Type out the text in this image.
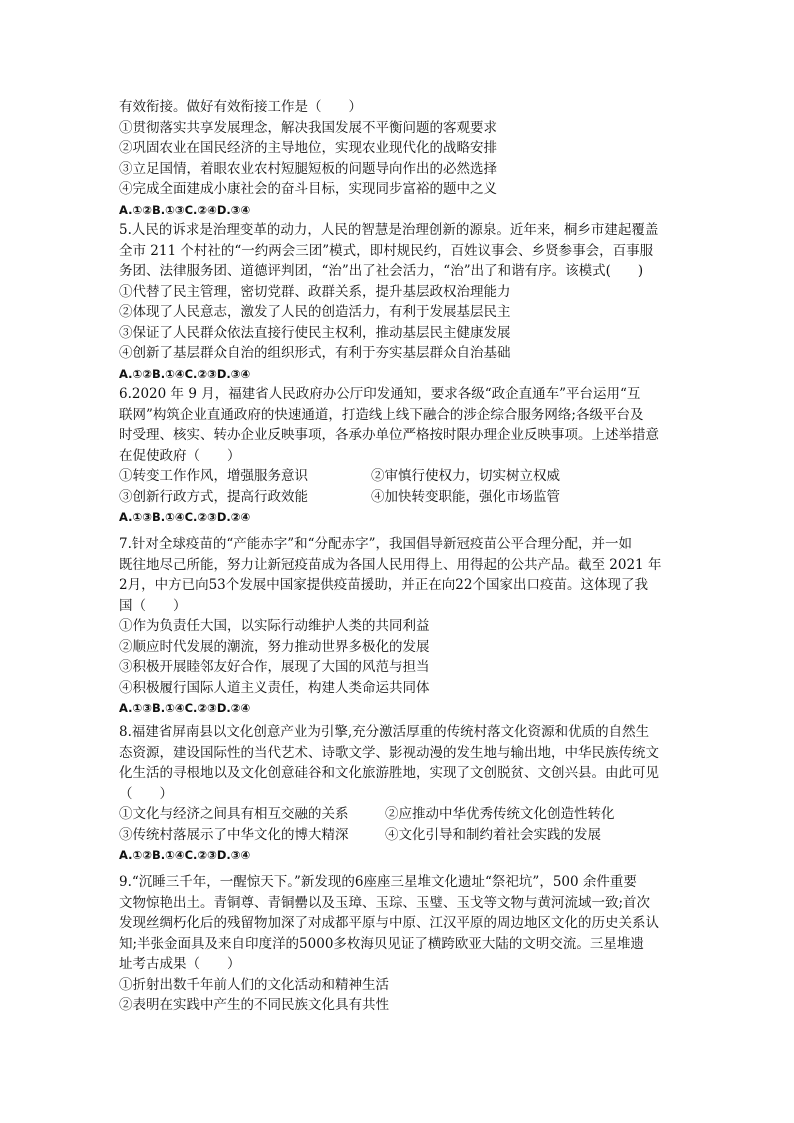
有效衔接。做好有效衔接工作是（　　）
①贯彻落实共享发展理念，解决我国发展不平衡问题的客观要求
②巩固农业在国民经济的主导地位，实现农业现代化的战略安排
③立足国情，着眼农业农村短腿短板的问题导向作出的必然选择
④完成全面建成小康社会的奋斗目标，实现同步富裕的题中之义
A.①②B.①③C.②④D.③④
5.人民的诉求是治理变革的动力，人民的智慧是治理创新的源泉。近年来，桐乡市建起覆盖
全市 211 个村社的“一约两会三团”模式，即村规民约，百姓议事会、乡贤参事会，百事服
务团、法律服务团、道德评判团，“治”出了社会活力，“治”出了和谐有序。该模式(　　)
①代替了民主管理，密切党群、政群关系，提升基层政权治理能力
②体现了人民意志，激发了人民的创造活力，有利于发展基层民主
③保证了人民群众依法直接行使民主权利，推动基层民主健康发展
④创新了基层群众自治的组织形式，有利于夯实基层群众自治基础
A.①②B.①④C.②③D.③④
6.2020 年 9 月，福建省人民政府办公厅印发通知，要求各级“政企直通车”平台运用“互
联网”构筑企业直通政府的快速通道，打造线上线下融合的涉企综合服务网络;各级平台及
时受理、核实、转办企业反映事项，各承办单位严格按时限办理企业反映事项。上述举措意
在促使政府（　　）
①转变工作作风，增强服务意识	②审慎行使权力，切实树立权威
③创新行政方式，提高行政效能	④加快转变职能，强化市场监管
A.①③B.①④C.②③D.②④
7.针对全球疫苗的“产能赤字”和“分配赤字”，我国倡导新冠疫苗公平合理分配，并一如
既往地尽己所能，努力让新冠疫苗成为各国人民用得上、用得起的公共产品。截至 2021 年
2月，中方已向53个发展中国家提供疫苗援助，并正在向22个国家出口疫苗。这体现了我
国（　　）
①作为负责任大国，以实际行动维护人类的共同利益
②顺应时代发展的潮流，努力推动世界多极化的发展
③积极开展睦邻友好合作，展现了大国的风范与担当
④积极履行国际人道主义责任，构建人类命运共同体
A.①③B.①④C.②③D.②④
8.福建省屏南县以文化创意产业为引擎,充分激活厚重的传统村落文化资源和优质的自然生
态资源，建设国际性的当代艺术、诗歌文学、影视动漫的发生地与输出地，中华民族传统文
化生活的寻根地以及文化创意硅谷和文化旅游胜地，实现了文创脱贫、文创兴县。由此可见
（　　）
①文化与经济之间具有相互交融的关系	②应推动中华优秀传统文化创造性转化
③传统村落展示了中华文化的博大精深	④文化引导和制约着社会实践的发展
A.①②B.①④C.②③D.③④
9.“沉睡三千年，一醒惊天下。”新发现的6座座三星堆文化遗址“祭祀坑”，500 余件重要
文物惊艳出土。青铜尊、青铜罍以及玉璋、玉琮、玉璧、玉戈等文物与黄河流域一致;首次
发现丝绸朽化后的残留物加深了对成都平原与中原、江汉平原的周边地区文化的历史关系认
知;半张金面具及来自印度洋的5000多枚海贝见证了横跨欧亚大陆的文明交流。三星堆遗
址考古成果（　　）
①折射出数千年前人们的文化活动和精神生活
②表明在实践中产生的不同民族文化具有共性
